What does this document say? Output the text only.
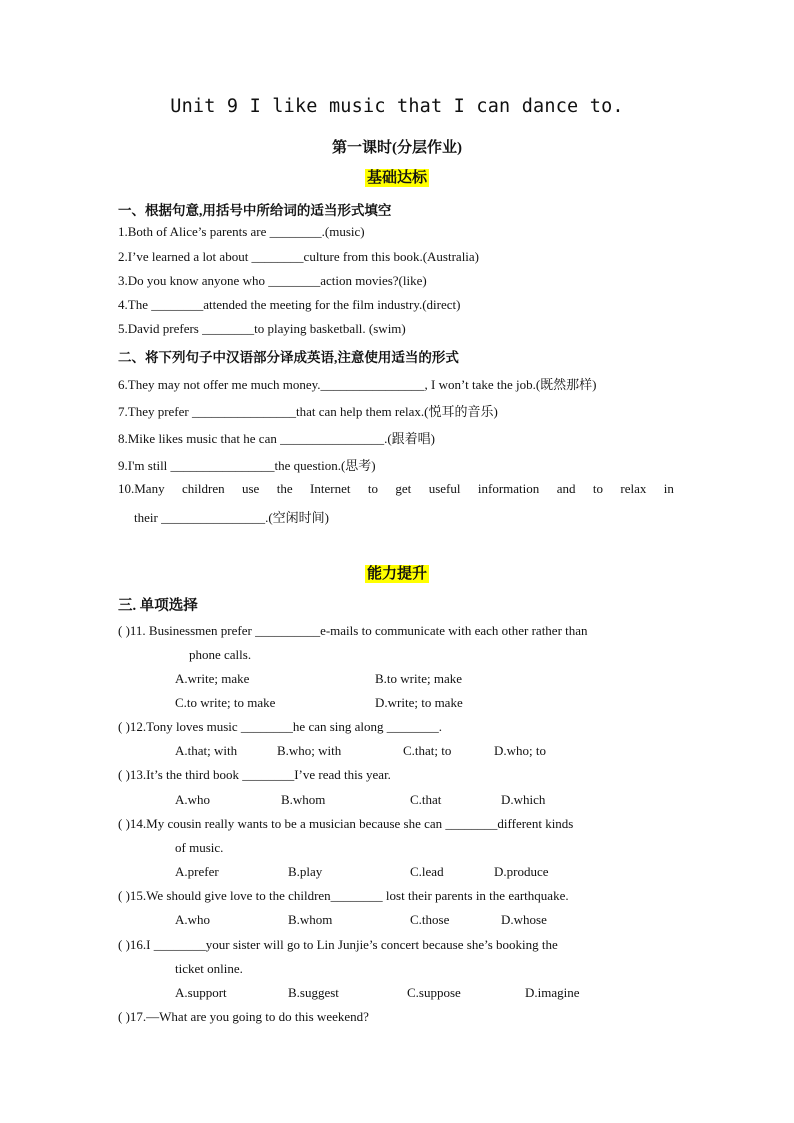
Unit 9 I like music that I can dance to.
第一课时(分层作业)
基础达标
一、根据句意,用括号中所给词的适当形式填空
1.Both of Alice’s parents are ________.(music)
2.I’ve learned a lot about ________culture from this book.(Australia)
3.Do you know anyone who ________action movies?(like)
4.The ________attended the meeting for the film industry.(direct)
5.David prefers ________to playing basketball. (swim)
二、将下列句子中汉语部分译成英语,注意使用适当的形式
6.They may not offer me much money.________________, I won’t take the job.(既然那样)
7.They prefer ________________that can help them relax.(悦耳的音乐)
8.Mike likes music that he can ________________.(跟着唱)
9.I'm still ________________the question.(思考)
10.Many children use the Internet to get useful information and to relax in
their ________________.(空闲时间)
能力提升
三. 单项选择
( )11. Businessmen prefer __________e-mails to communicate with each other rather than
phone calls.
A.write; make	B.to write; make
C.to write; to make	D.write; to make
( )12.Tony loves music ________he can sing along ________.
A.that; with	B.who; with	C.that; to	D.who; to
( )13.It’s the third book ________I’ve read this year.
A.who	B.whom	C.that	D.which
( )14.My cousin really wants to be a musician because she can ________different kinds
of music.
A.prefer	B.play	C.lead	D.produce
( )15.We should give love to the children________ lost their parents in the earthquake.
A.who	B.whom	C.those	D.whose
( )16.I ________your sister will go to Lin Junjie’s concert because she’s booking the
ticket online.
A.support	B.suggest	C.suppose	D.imagine
( )17.—What are you going to do this weekend?
